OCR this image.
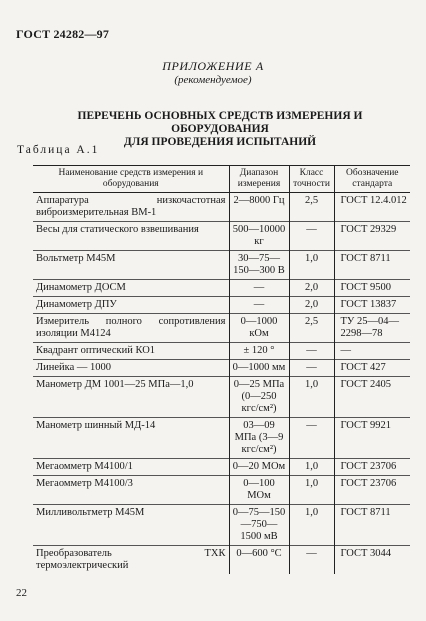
ГОСТ 24282—97
ПРИЛОЖЕНИЕ А
(рекомендуемое)
ПЕРЕЧЕНЬ ОСНОВНЫХ СРЕДСТВ ИЗМЕРЕНИЯ И ОБОРУДОВАНИЯ
ДЛЯ ПРОВЕДЕНИЯ ИСПЫТАНИЙ
Таблица А.1
Наименование средств измерения и оборудования	Диапазон измерения	Класс точности	Обозначение стандарта
Аппаратура низкочастотная виброизмерительная ВМ-1	2—8000 Гц	2,5	ГОСТ 12.4.012
Весы для статического взвешивания	500—10000 кг	—	ГОСТ 29329
Вольтметр М45М	30—75—150—300 В	1,0	ГОСТ 8711
Динамометр ДОСМ	—	2,0	ГОСТ 9500
Динамометр ДПУ	—	2,0	ГОСТ 13837
Измеритель полного сопротивления изоляции М4124	0—1000 кОм	2,5	ТУ 25—04—2298—78
Квадрант оптический КО1	± 120 °	—	—
Линейка — 1000	0—1000 мм	—	ГОСТ 427
Манометр ДМ 1001—25 МПа—1,0	0—25 МПа (0—250 кгс/см²)	1,0	ГОСТ 2405
Манометр шинный МД-14	03—09 МПа (3—9 кгс/см²)	—	ГОСТ 9921
Мегаомметр М4100/1	0—20 МОм	1,0	ГОСТ 23706
Мегаомметр М4100/3	0—100 МОм	1,0	ГОСТ 23706
Милливольтметр М45М	0—75—150—750—1500 мВ	1,0	ГОСТ 8711
Преобразователь ТХК термоэлектрический	0—600 °С	—	ГОСТ 3044
22
